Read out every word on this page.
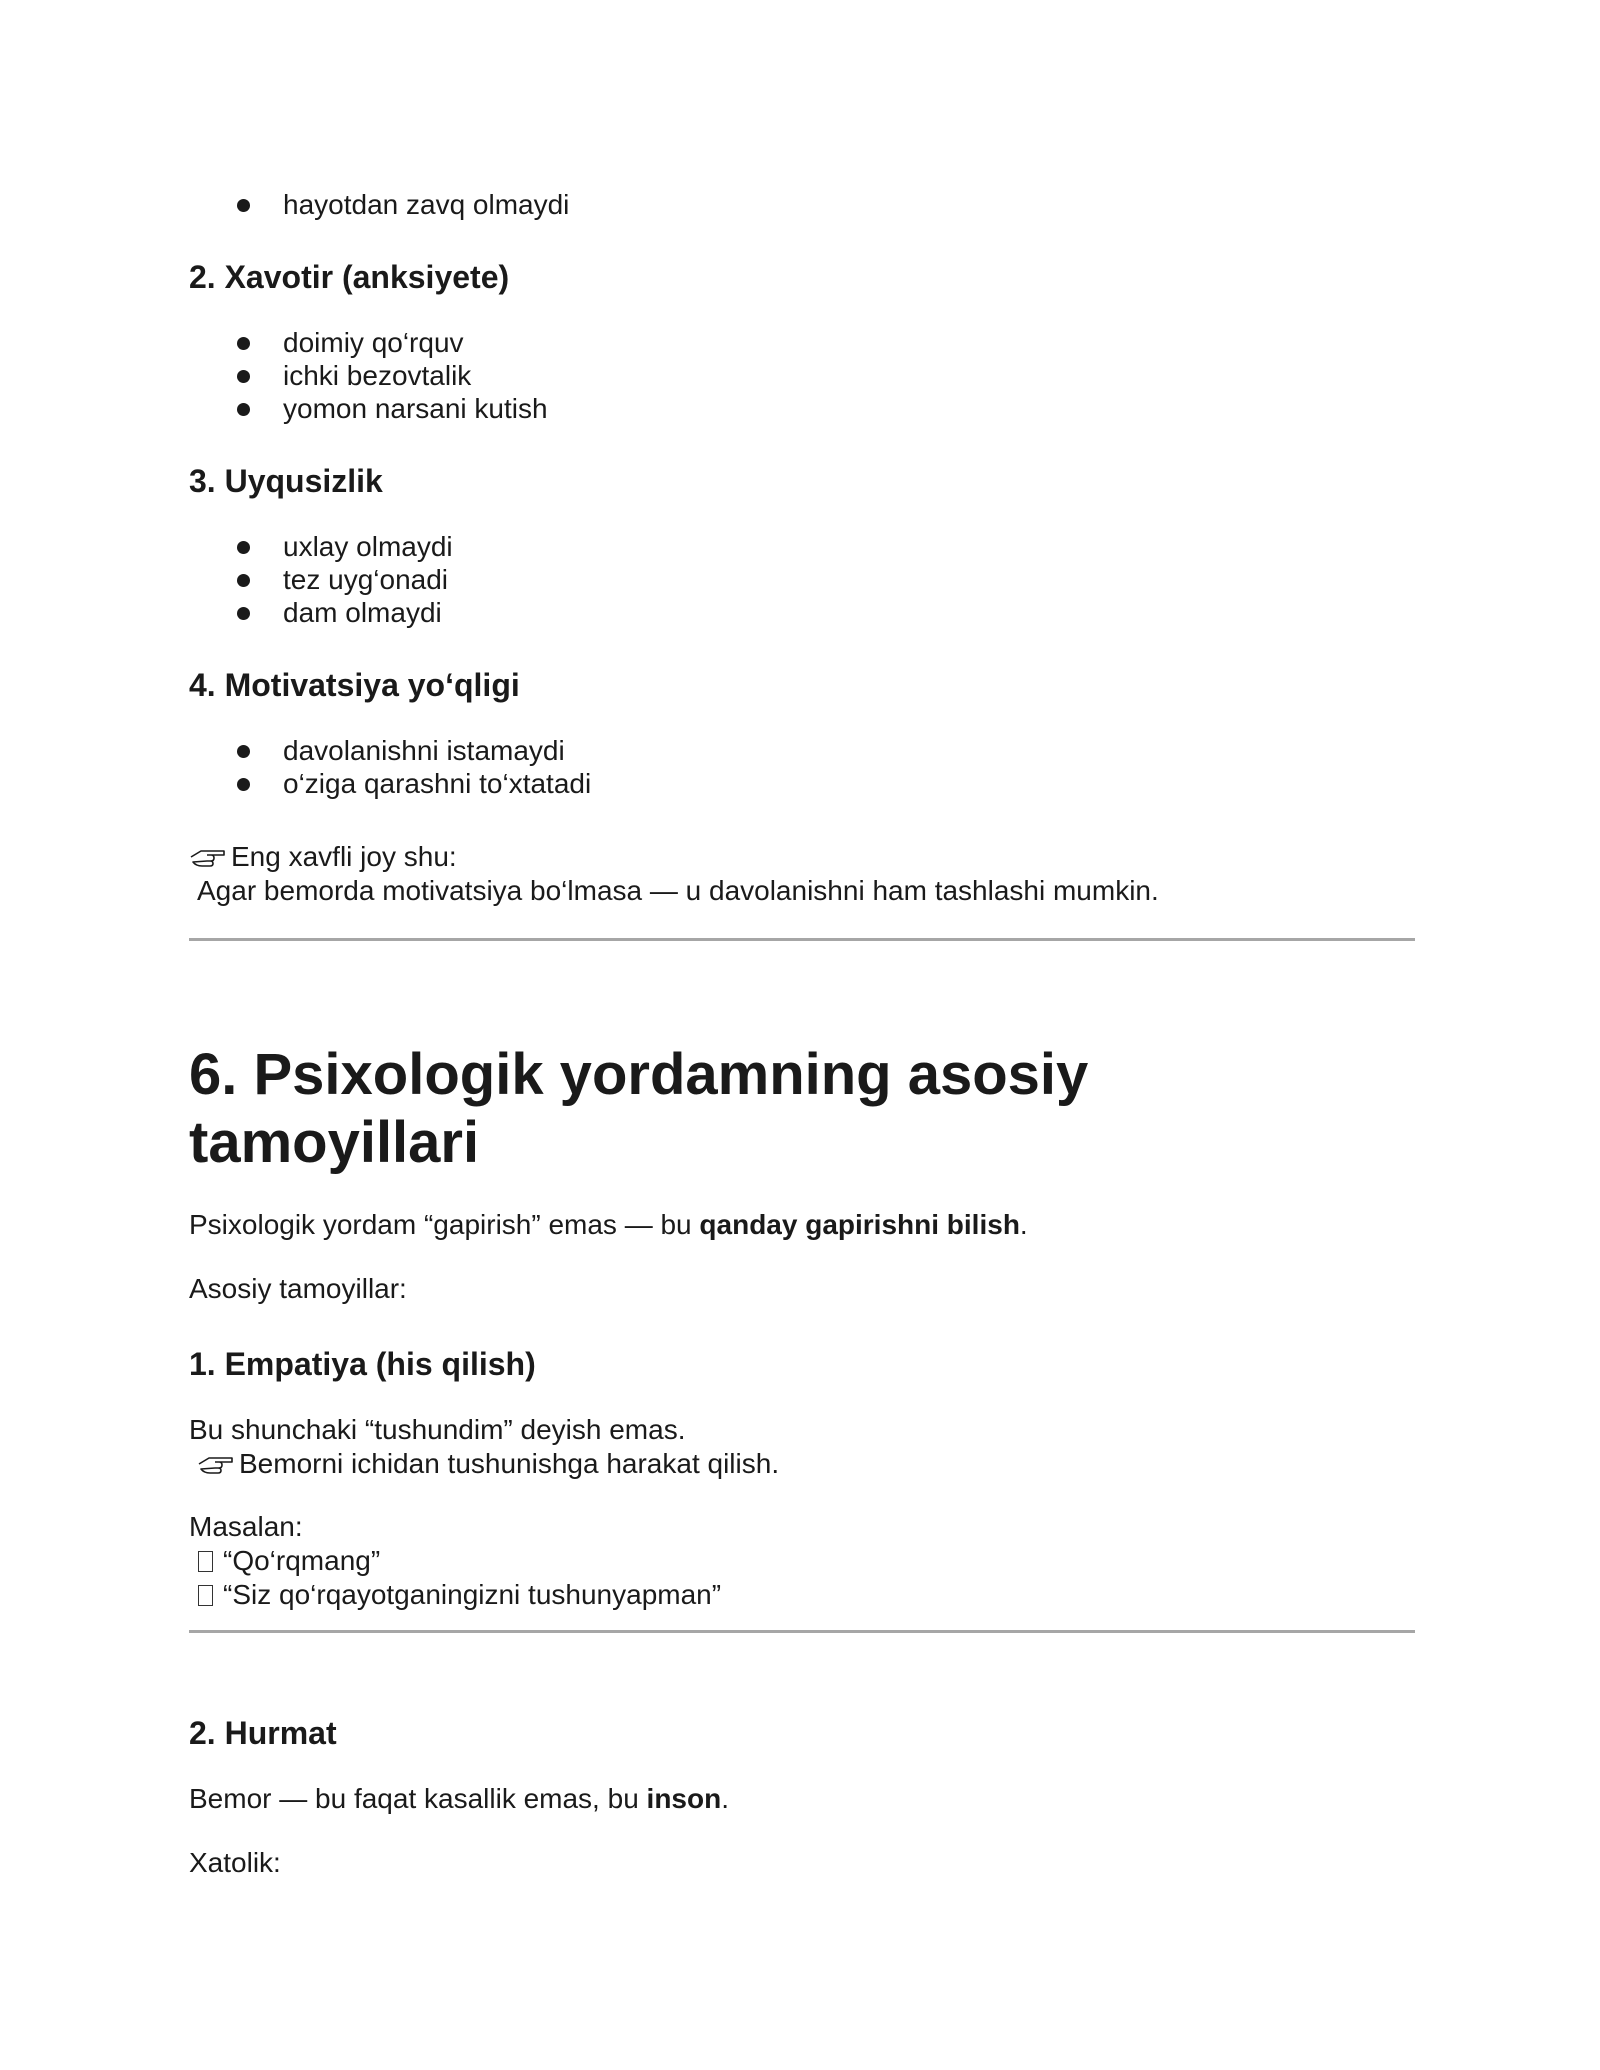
hayotdan zavq olmaydi
2. Xavotir (anksiyete)
doimiy qo‘rquv
ichki bezovtalik
yomon narsani kutish
3. Uyqusizlik
uxlay olmaydi
tez uyg‘onadi
dam olmaydi
4. Motivatsiya yo‘qligi
davolanishni istamaydi
o‘ziga qarashni to‘xtatadi
Eng xavfli joy shu:
Agar bemorda motivatsiya bo‘lmasa — u davolanishni ham tashlashi mumkin.
6. Psixologik yordamning asosiy
tamoyillari
Psixologik yordam “gapirish” emas — bu qanday gapirishni bilish.
Asosiy tamoyillar:
1. Empatiya (his qilish)
Bu shunchaki “tushundim” deyish emas.
Bemorni ichidan tushunishga harakat qilish.
Masalan:
“Qo‘rqmang”
“Siz qo‘rqayotganingizni tushunyapman”
2. Hurmat
Bemor — bu faqat kasallik emas, bu inson.
Xatolik:
